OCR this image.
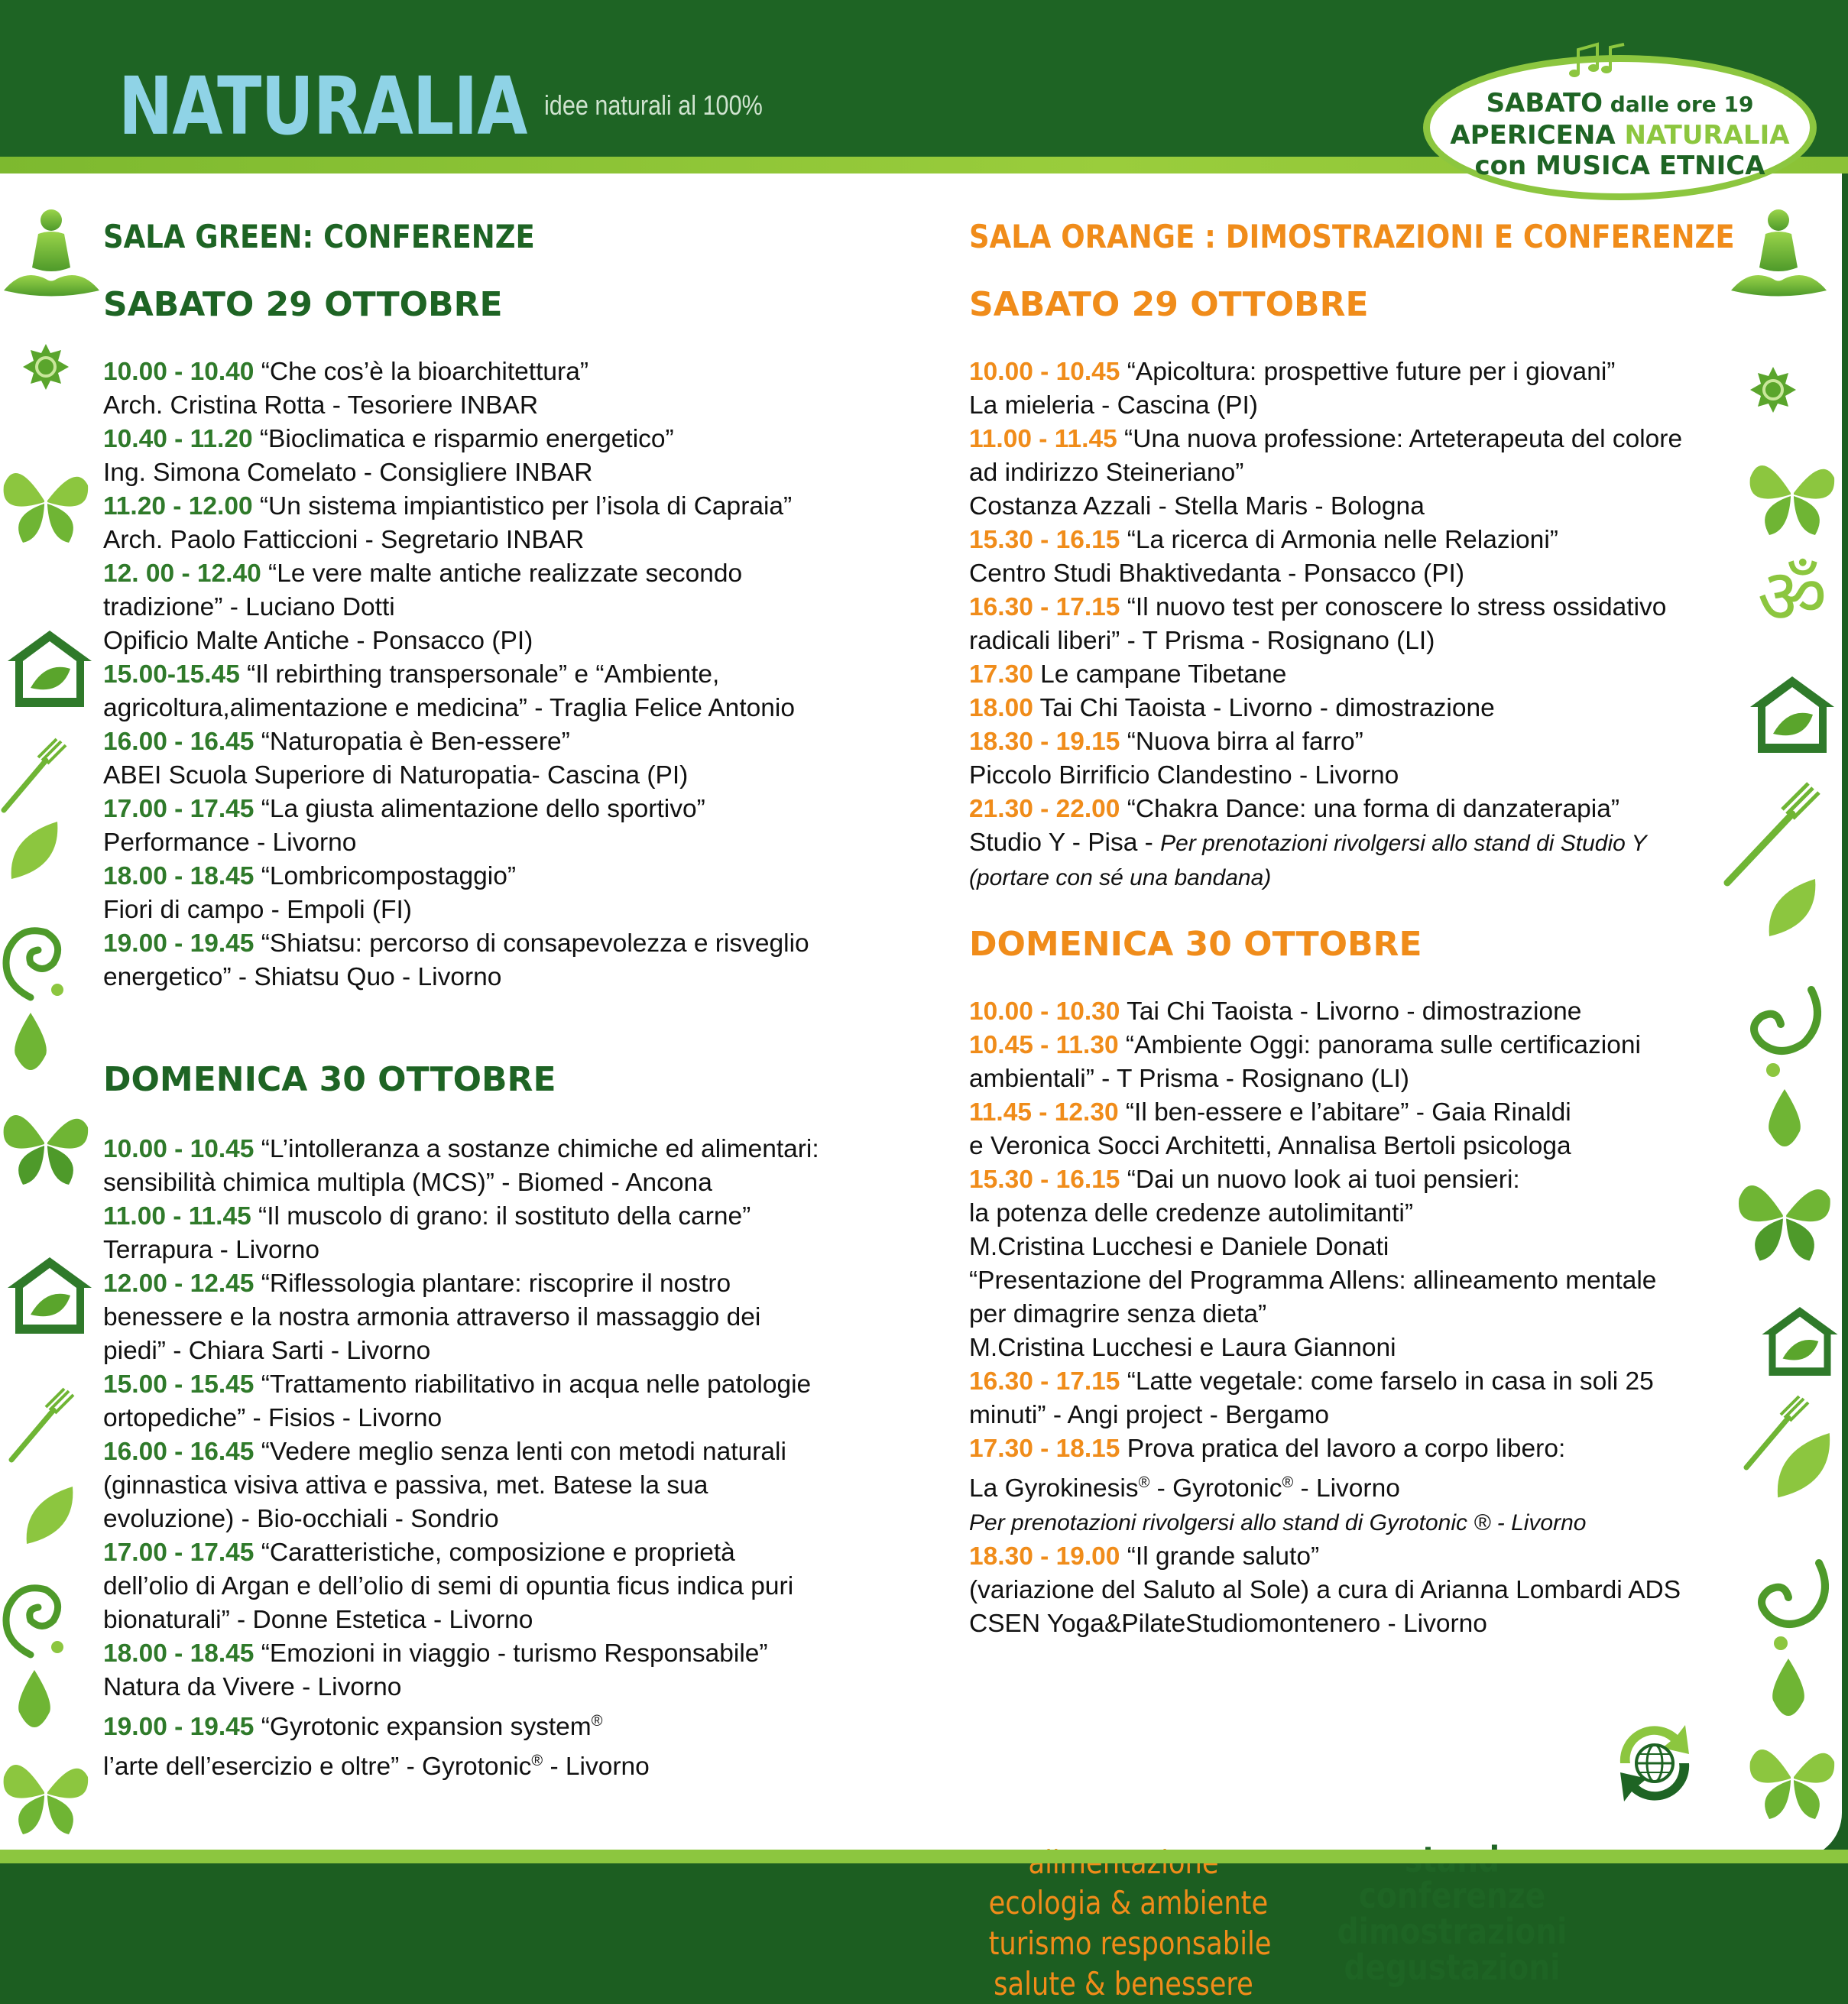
NATURALIA idee naturali al 100%
SALA GREEN: CONFERENZE
SABATO 29 OTTOBRE

10.00 - 10.40 “Che cos’è la bioarchitettura”

Arch. Cristina Rotta - Tesoriere INBAR

10.40 - 11.20 “Bioclimatica e risparmio energetico”

Ing. Simona Comelato - Consigliere INBAR

11.20 - 12.00 “Un sistema impiantistico per l’isola di Capraia”

Arch. Paolo Fatticcioni - Segretario INBAR

12. 00 - 12.40 “Le vere malte antiche realizzate secondo

tradizione” - Luciano Dotti

Opificio Malte Antiche - Ponsacco (PI)

15.00-15.45 “Il rebirthing transpersonale” e “Ambiente,

agricoltura,alimentazione e medicina” - Traglia Felice Antonio

16.00 - 16.45 “Naturopatia è Ben-essere”

ABEI Scuola Superiore di Naturopatia- Cascina (PI)

17.00 - 17.45 “La giusta alimentazione dello sportivo”

Performance - Livorno

18.00 - 18.45 “Lombricompostaggio”

Fiori di campo - Empoli (FI)

19.00 - 19.45 “Shiatsu: percorso di consapevolezza e risveglio

energetico” - Shiatsu Quo - Livorno

DOMENICA 30 OTTOBRE

10.00 - 10.45 “L’intolleranza a sostanze chimiche ed alimentari:

sensibilità chimica multipla (MCS)” - Biomed - Ancona

11.00 - 11.45 “Il muscolo di grano: il sostituto della carne”

Terrapura - Livorno

12.00 - 12.45 “Riflessologia plantare: riscoprire il nostro

benessere e la nostra armonia attraverso il massaggio dei

piedi” - Chiara Sarti - Livorno

15.00 - 15.45 “Trattamento riabilitativo in acqua nelle patologie

ortopediche” - Fisios - Livorno

16.00 - 16.45 “Vedere meglio senza lenti con metodi naturali

(ginnastica visiva attiva e passiva, met. Batese la sua

evoluzione) - Bio-occhiali - Sondrio

17.00 - 17.45 “Caratteristiche, composizione e proprietà

dell’olio di Argan e dell’olio di semi di opuntia ficus indica puri

bionaturali” - Donne Estetica - Livorno

18.00 - 18.45 “Emozioni in viaggio - turismo Responsabile”

Natura da Vivere - Livorno

19.00 - 19.45 “Gyrotonic expansion system®

l’arte dell’esercizio e oltre” - Gyrotonic® - Livorno

SALA ORANGE : DIMOSTRAZIONI E CONFERENZE
SABATO 29 OTTOBRE

10.00 - 10.45 “Apicoltura: prospettive future per i giovani”

La mieleria - Cascina (PI)

11.00 - 11.45 “Una nuova professione: Arteterapeuta del colore

ad indirizzo Steineriano”

Costanza Azzali - Stella Maris - Bologna

15.30 - 16.15 “La ricerca di Armonia nelle Relazioni”

Centro Studi Bhaktivedanta - Ponsacco (PI)

16.30 - 17.15 “Il nuovo test per conoscere lo stress ossidativo

radicali liberi” - T Prisma - Rosignano (LI)

17.30 Le campane Tibetane

18.00 Tai Chi Taoista - Livorno - dimostrazione

18.30 - 19.15 “Nuova birra al farro”

Piccolo Birrificio Clandestino - Livorno

21.30 - 22.00 “Chakra Dance: una forma di danzaterapia”

Studio Y - Pisa - Per prenotazioni rivolgersi allo stand di Studio Y

(portare con sé una bandana)

DOMENICA 30 OTTOBRE

10.00 - 10.30 Tai Chi Taoista - Livorno - dimostrazione

10.45 - 11.30 “Ambiente Oggi: panorama sulle certificazioni

ambientali” - T Prisma - Rosignano (LI)

11.45 - 12.30 “Il ben-essere e l’abitare” - Gaia Rinaldi

e Veronica Socci Architetti, Annalisa Bertoli psicologa

15.30 - 16.15 “Dai un nuovo look ai tuoi pensieri:

la potenza delle credenze autolimitanti”

M.Cristina Lucchesi e Daniele Donati

“Presentazione del Programma Allens: allineamento mentale

per dimagrire senza dieta”

M.Cristina Lucchesi e Laura Giannoni

16.30 - 17.15 “Latte vegetale: come farselo in casa in soli 25

minuti” - Angi project - Bergamo

17.30 - 18.15 Prova pratica del lavoro a corpo libero:

La Gyrokinesis® - Gyrotonic® - Livorno

Per prenotazioni rivolgersi allo stand di Gyrotonic ® - Livorno

18.30 - 19.00 “Il grande saluto”

(variazione del Saluto al Sole) a cura di Arianna Lombardi ADS

CSEN Yoga&PilateStudiomontenero - Livorno

ecologia & ambiente
turismo responsabile
salute & benessere
conferenze
dimostrazioni
degustazioni
ॐ
SABATO dalle ore 19
APERICENA NATURALIA
con MUSICA ETNICA
